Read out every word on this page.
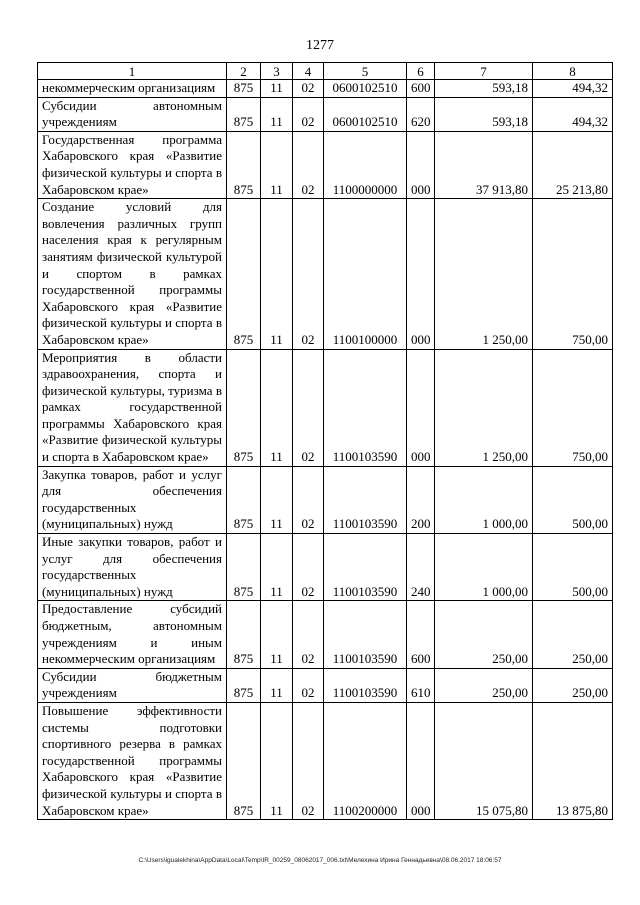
1277
1	2	3	4	5	6	7	8
некоммерческим организациям	875	11	02	0600102510	600	593,18	494,32
Субсидии автономным учреждениям	875	11	02	0600102510	620	593,18	494,32
Государственная программа Хабаровского края «Развитие физической культуры и спорта в Хабаровском крае»	875	11	02	1100000000	000	37 913,80	25 213,80
Создание условий для вовлечения различных групп населения края к регулярным занятиям физической культурой и спортом в рамках государственной программы Хабаровского края «Развитие физической культуры и спорта в Хабаровском крае»	875	11	02	1100100000	000	1 250,00	750,00
Мероприятия в области здравоохранения, спорта и физической культуры, туризма в рамках государственной программы Хабаровского края «Развитие физической культуры и спорта в Хабаровском крае»	875	11	02	1100103590	000	1 250,00	750,00
Закупка товаров, работ и услуг для обеспечения государственных (муниципальных) нужд	875	11	02	1100103590	200	1 000,00	500,00
Иные закупки товаров, работ и услуг для обеспечения государственных (муниципальных) нужд	875	11	02	1100103590	240	1 000,00	500,00
Предоставление субсидий бюджетным, автономным учреждениям и иным некоммерческим организациям	875	11	02	1100103590	600	250,00	250,00
Субсидии бюджетным учреждениям	875	11	02	1100103590	610	250,00	250,00
Повышение эффективности системы подготовки спортивного резерва в рамках государственной программы Хабаровского края «Развитие физической культуры и спорта в Хабаровском крае»	875	11	02	1100200000	000	15 075,80	13 875,80
C:\Users\igualekhina\AppData\Local\Temp\IR_00259_08062017_006.txt\Мелехина Ирина Геннадьевна\08.06.2017 18:06:57
